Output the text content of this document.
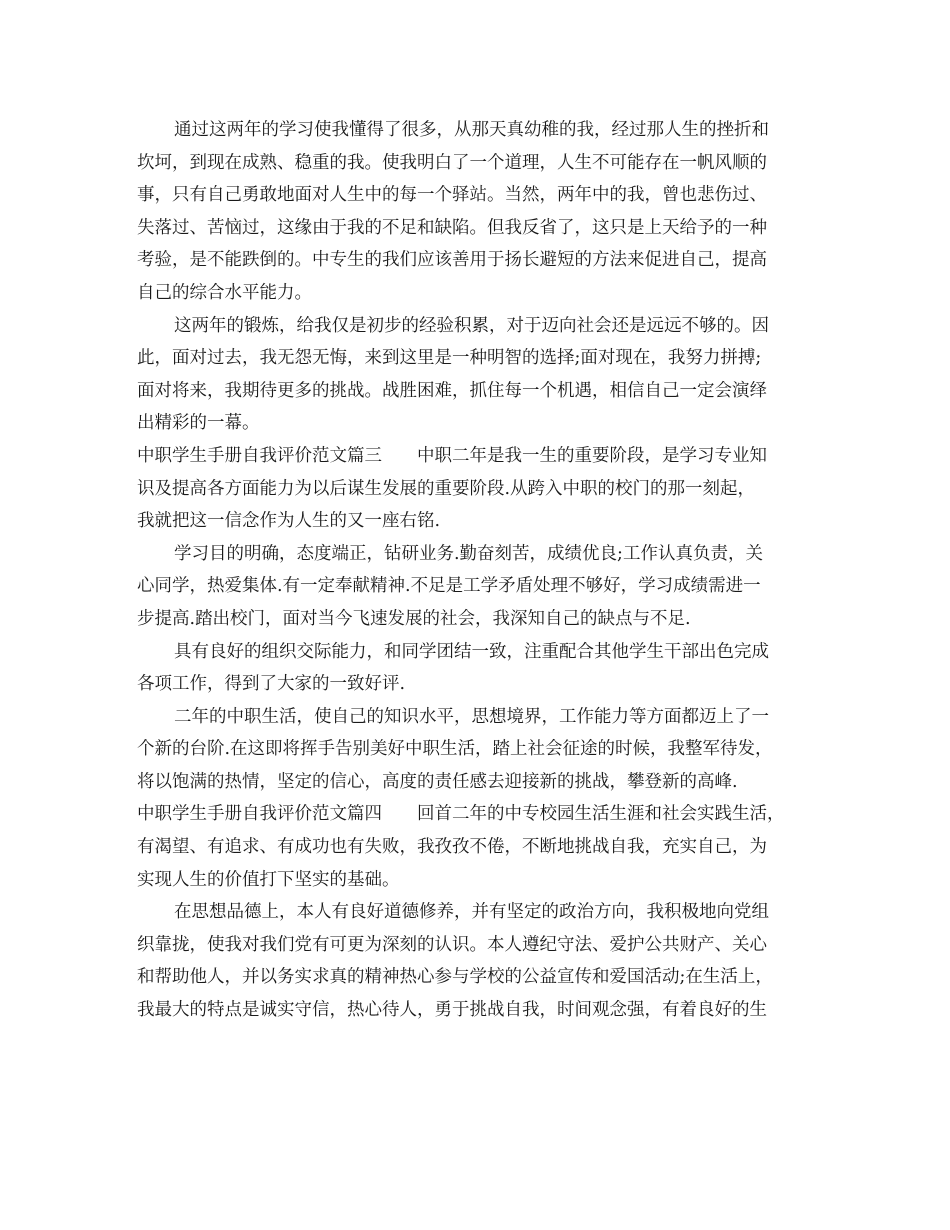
通过这两年的学习使我懂得了很多，从那天真幼稚的我，经过那人生的挫折和
坎坷，到现在成熟、稳重的我。使我明白了一个道理，人生不可能存在一帆风顺的
事，只有自己勇敢地面对人生中的每一个驿站。当然，两年中的我，曾也悲伤过、
失落过、苦恼过，这缘由于我的不足和缺陷。但我反省了，这只是上天给予的一种
考验，是不能跌倒的。中专生的我们应该善用于扬长避短的方法来促进自己，提高
自己的综合水平能力。
这两年的锻炼，给我仅是初步的经验积累，对于迈向社会还是远远不够的。因
此，面对过去，我无怨无悔，来到这里是一种明智的选择;面对现在，我努力拼搏;
面对将来，我期待更多的挑战。战胜困难，抓住每一个机遇，相信自己一定会演绎
出精彩的一幕。
中职学生手册自我评价范文篇三　　中职二年是我一生的重要阶段，是学习专业知
识及提高各方面能力为以后谋生发展的重要阶段.从跨入中职的校门的那一刻起，
我就把这一信念作为人生的又一座右铭.
学习目的明确，态度端正，钻研业务.勤奋刻苦，成绩优良;工作认真负责，关
心同学，热爱集体.有一定奉献精神.不足是工学矛盾处理不够好，学习成绩需进一
步提高.踏出校门，面对当今飞速发展的社会，我深知自己的缺点与不足.
具有良好的组织交际能力，和同学团结一致，注重配合其他学生干部出色完成
各项工作，得到了大家的一致好评.
二年的中职生活，使自己的知识水平，思想境界，工作能力等方面都迈上了一
个新的台阶.在这即将挥手告别美好中职生活，踏上社会征途的时候，我整军待发，
将以饱满的热情，坚定的信心，高度的责任感去迎接新的挑战，攀登新的高峰.
中职学生手册自我评价范文篇四　　回首二年的中专校园生活生涯和社会实践生活，
有渴望、有追求、有成功也有失败，我孜孜不倦，不断地挑战自我，充实自己，为
实现人生的价值打下坚实的基础。
在思想品德上，本人有良好道德修养，并有坚定的政治方向，我积极地向党组
织靠拢，使我对我们党有可更为深刻的认识。本人遵纪守法、爱护公共财产、关心
和帮助他人，并以务实求真的精神热心参与学校的公益宣传和爱国活动;在生活上，
我最大的特点是诚实守信，热心待人，勇于挑战自我，时间观念强，有着良好的生
